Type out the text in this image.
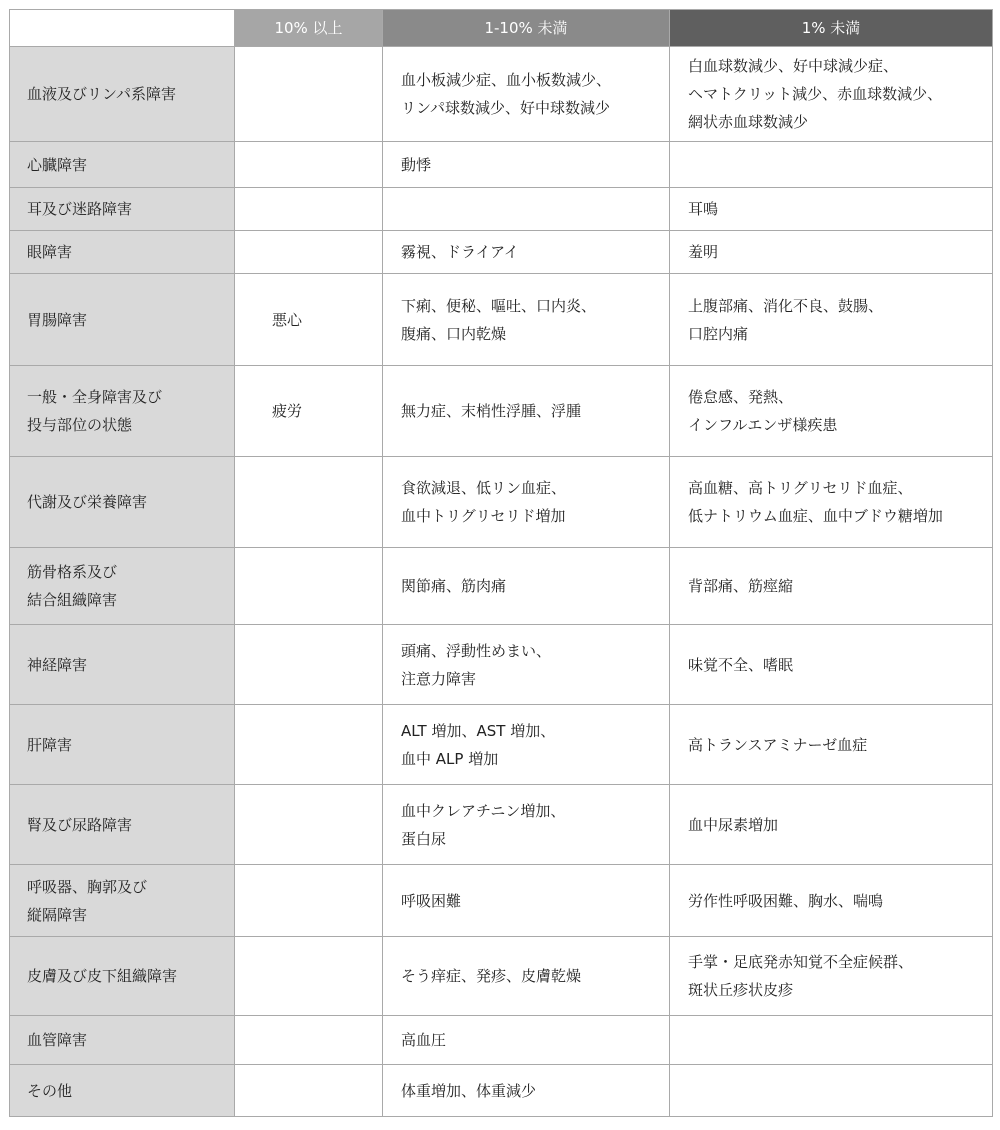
	10% 以上	1-10% 未満	1% 未満

血液及びリンパ系障害		血小板減少症、血小板数減少、
リンパ球数減少、好中球数減少	白血球数減少、好中球減少症、
ヘマトクリット減少、赤血球数減少、
網状赤血球数減少

心臓障害		動悸	

耳及び迷路障害			耳鳴

眼障害		霧視、ドライアイ	羞明

胃腸障害	悪心	下痢、便秘、嘔吐、口内炎、
腹痛、口内乾燥	上腹部痛、消化不良、鼓腸、
口腔内痛

一般・全身障害及び
投与部位の状態	疲労	無力症、末梢性浮腫、浮腫	倦怠感、発熱、
インフルエンザ様疾患

代謝及び栄養障害		食欲減退、低リン血症、
血中トリグリセリド増加	高血糖、高トリグリセリド血症、
低ナトリウム血症、血中ブドウ糖増加

筋骨格系及び
結合組織障害		関節痛、筋肉痛	背部痛、筋痙縮

神経障害		頭痛、浮動性めまい、
注意力障害	味覚不全、嗜眠

肝障害		ALT 増加、AST 増加、
血中 ALP 増加	高トランスアミナーゼ血症

腎及び尿路障害		血中クレアチニン増加、
蛋白尿	血中尿素増加

呼吸器、胸郭及び
縦隔障害		呼吸困難	労作性呼吸困難、胸水、喘鳴

皮膚及び皮下組織障害		そう痒症、発疹、皮膚乾燥	手掌・足底発赤知覚不全症候群、
斑状丘疹状皮疹

血管障害		高血圧	

その他		体重増加、体重減少	
